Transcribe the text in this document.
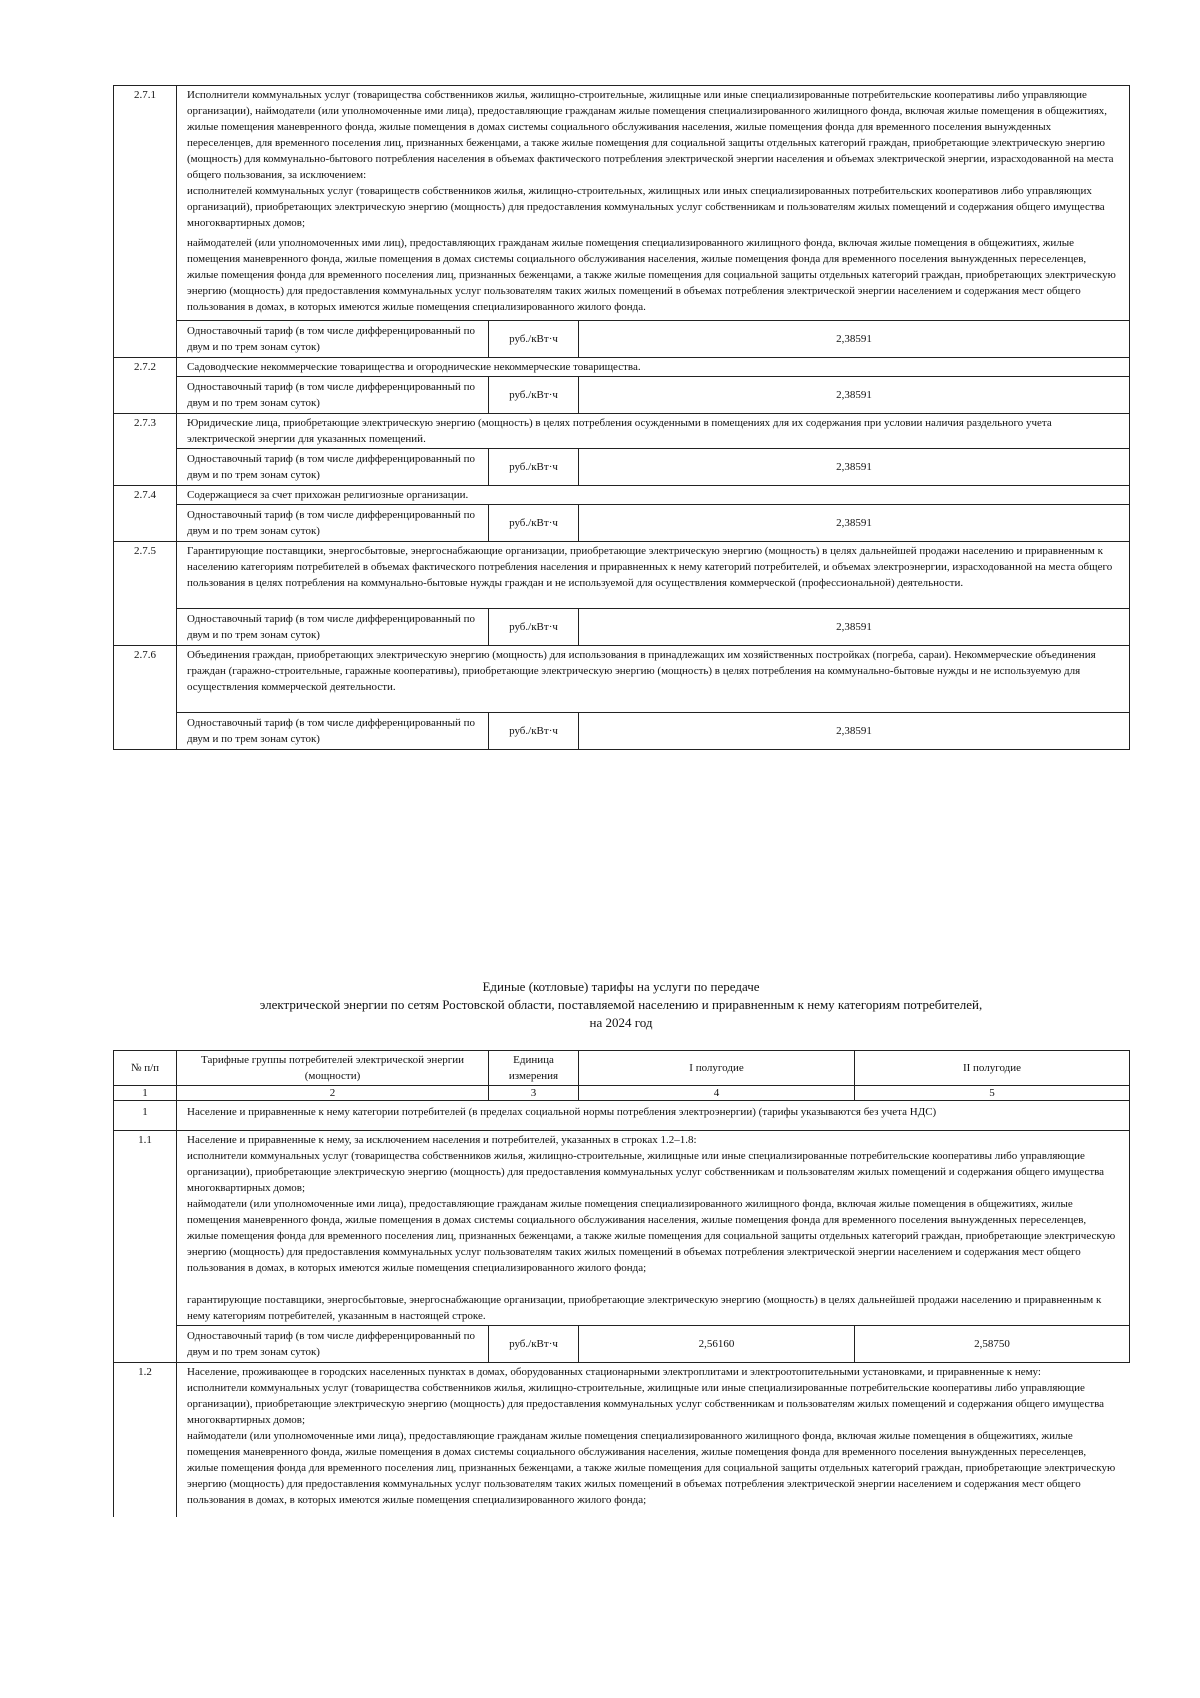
2.7.1	Исполнители коммунальных услуг (товарищества собственников жилья, жилищно-строительные, жилищные или иные специализированные потребительские кооперативы либо управляющие организации), наймодатели (или уполномоченные ими лица), предоставляющие гражданам жилые помещения специализированного жилищного фонда, включая жилые помещения в общежитиях, жилые помещения маневренного фонда, жилые помещения в домах системы социального обслуживания населения, жилые помещения фонда для временного поселения вынужденных переселенцев, для временного поселения лиц, признанных беженцами, а также жилые помещения для социальной защиты отдельных категорий граждан, приобретающие электрическую энергию (мощность) для коммунально-бытового потребления населения в объемах фактического потребления электрической энергии населения и объемах электрической энергии, израсходованной на места общего пользования, за исключением:
исполнителей коммунальных услуг (товариществ собственников жилья, жилищно-строительных, жилищных или иных специализированных потребительских кооперативов либо управляющих организаций), приобретающих электрическую энергию (мощность) для предоставления коммунальных услуг собственникам и пользователям жилых помещений и содержания общего имущества многоквартирных домов;
наймодателей (или уполномоченных ими лиц), предоставляющих гражданам жилые помещения специализированного жилищного фонда, включая жилые помещения в общежитиях, жилые помещения маневренного фонда, жилые помещения в домах системы социального обслуживания населения, жилые помещения фонда для временного поселения вынужденных переселенцев, жилые помещения фонда для временного поселения лиц, признанных беженцами, а также жилые помещения для социальной защиты отдельных категорий граждан, приобретающих электрическую энергию (мощность) для предоставления коммунальных услуг пользователям таких жилых помещений в объемах потребления электрической энергии населением и содержания мест общего пользования в домах, в которых имеются жилые помещения специализированного жилого фонда.		

	Одноставочный тариф (в том числе дифференцированный по двум и по трем зонам суток)	руб./кВт·ч	2,38591
2.7.2	Садоводческие некоммерческие товарищества и огороднические некоммерческие товарищества.		
	Одноставочный тариф (в том числе дифференцированный по двум и по трем зонам суток)	руб./кВт·ч	2,38591
2.7.3	Юридические лица, приобретающие электрическую энергию (мощность) в целях потребления осужденными в помещениях для их содержания при условии наличия раздельного учета электрической энергии для указанных помещений.		
	Одноставочный тариф (в том числе дифференцированный по двум и по трем зонам суток)	руб./кВт·ч	2,38591
2.7.4	Содержащиеся за счет прихожан религиозные организации.		
	Одноставочный тариф (в том числе дифференцированный по двум и по трем зонам суток)	руб./кВт·ч	2,38591
2.7.5	Гарантирующие поставщики, энергосбытовые, энергоснабжающие организации, приобретающие электрическую энергию (мощность) в целях дальнейшей продажи населению и приравненным к населению категориям потребителей в объемах фактического потребления населения и приравненных к нему категорий потребителей, и объемах электроэнергии, израсходованной на места общего пользования в целях потребления на коммунально-бытовые нужды граждан и не используемой для осуществления коммерческой (профессиональной) деятельности.		

	Одноставочный тариф (в том числе дифференцированный по двум и по трем зонам суток)	руб./кВт·ч	2,38591
2.7.6	Объединения граждан, приобретающих электрическую энергию (мощность) для использования в принадлежащих им хозяйственных постройках (погреба, сараи). Некоммерческие объединения граждан (гаражно-строительные, гаражные кооперативы), приобретающие электрическую энергию (мощность) в целях потребления на коммунально-бытовые нужды и не используемую для осуществления коммерческой деятельности.		

	Одноставочный тариф (в том числе дифференцированный по двум и по трем зонам суток)	руб./кВт·ч	2,38591
Единые (котловые) тарифы на услуги по передаче
электрической энергии по сетям Ростовской области, поставляемой населению и приравненным к нему категориям потребителей,
на 2024 год
№ п/п	Тарифные группы потребителей электрической энергии (мощности)	Единица измерения	I полугодие	II полугодие
1	2	3	4	5
1	Население и приравненные к нему категории потребителей (в пределах социальной нормы потребления электроэнергии) (тарифы указываются без учета НДС)			
1.1	Население и приравненные к нему, за исключением населения и потребителей, указанных в строках 1.2–1.8:
исполнители коммунальных услуг (товарищества собственников жилья, жилищно-строительные, жилищные или иные специализированные потребительские кооперативы либо управляющие организации), приобретающие электрическую энергию (мощность) для предоставления коммунальных услуг собственникам и пользователям жилых помещений и содержания общего имущества многоквартирных домов;
наймодатели (или уполномоченные ими лица), предоставляющие гражданам жилые помещения специализированного жилищного фонда, включая жилые помещения в общежитиях, жилые помещения маневренного фонда, жилые помещения в домах системы социального обслуживания населения, жилые помещения фонда для временного поселения вынужденных переселенцев, жилые помещения фонда для временного поселения лиц, признанных беженцами, а также жилые помещения для социальной защиты отдельных категорий граждан, приобретающие электрическую энергию (мощность) для предоставления коммунальных услуг пользователям таких жилых помещений в объемах потребления электрической энергии населением и содержания мест общего пользования в домах, в которых имеются жилые помещения специализированного жилого фонда;
гарантирующие поставщики, энергосбытовые, энергоснабжающие организации, приобретающие электрическую энергию (мощность) в целях дальнейшей продажи населению и приравненным к нему категориям потребителей, указанным в настоящей строке.			

	Одноставочный тариф (в том числе дифференцированный по двум и по трем зонам суток)	руб./кВт·ч	2,56160	2,58750
1.2	Население, проживающее в городских населенных пунктах в домах, оборудованных стационарными электроплитами и электроотопительными установками, и приравненные к нему:
исполнители коммунальных услуг (товарищества собственников жилья, жилищно-строительные, жилищные или иные специализированные потребительские кооперативы либо управляющие организации), приобретающие электрическую энергию (мощность) для предоставления коммунальных услуг собственникам и пользователям жилых помещений и содержания общего имущества многоквартирных домов;
наймодатели (или уполномоченные ими лица), предоставляющие гражданам жилые помещения специализированного жилищного фонда, включая жилые помещения в общежитиях, жилые помещения маневренного фонда, жилые помещения в домах системы социального обслуживания населения, жилые помещения фонда для временного поселения вынужденных переселенцев, жилые помещения фонда для временного поселения лиц, признанных беженцами, а также жилые помещения для социальной защиты отдельных категорий граждан, приобретающие электрическую энергию (мощность) для предоставления коммунальных услуг пользователям таких жилых помещений в объемах потребления электрической энергии населением и содержания мест общего пользования в домах, в которых имеются жилые помещения специализированного жилого фонда;			
